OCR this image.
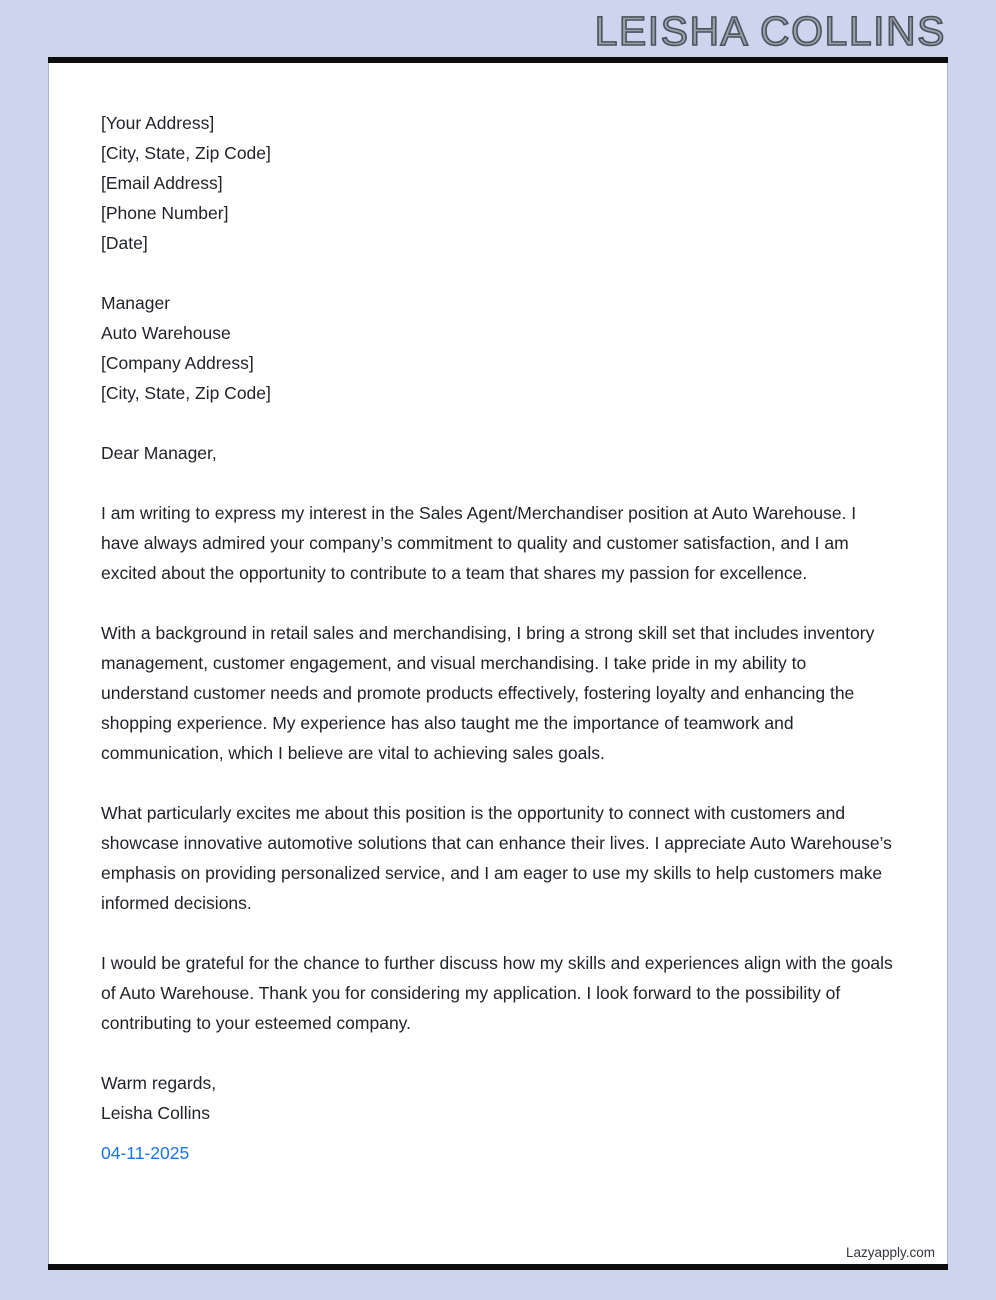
LEISHA COLLINS
[Your Address]
[City, State, Zip Code]
[Email Address]
[Phone Number]
[Date]
Manager
Auto Warehouse
[Company Address]
[City, State, Zip Code]
Dear Manager,

I am writing to express my interest in the Sales Agent/Merchandiser position at Auto Warehouse. I have always admired your company’s commitment to quality and customer satisfaction, and I am excited about the opportunity to contribute to a team that shares my passion for excellence.

With a background in retail sales and merchandising, I bring a strong skill set that includes inventory management, customer engagement, and visual merchandising. I take pride in my ability to understand customer needs and promote products effectively, fostering loyalty and enhancing the shopping experience. My experience has also taught me the importance of teamwork and communication, which I believe are vital to achieving sales goals.

What particularly excites me about this position is the opportunity to connect with customers and showcase innovative automotive solutions that can enhance their lives. I appreciate Auto Warehouse’s emphasis on providing personalized service, and I am eager to use my skills to help customers make informed decisions.

I would be grateful for the chance to further discuss how my skills and experiences align with the goals of Auto Warehouse. Thank you for considering my application. I look forward to the possibility of contributing to your esteemed company.

Warm regards,
Leisha Collins
04-11-2025
Lazyapply.com
